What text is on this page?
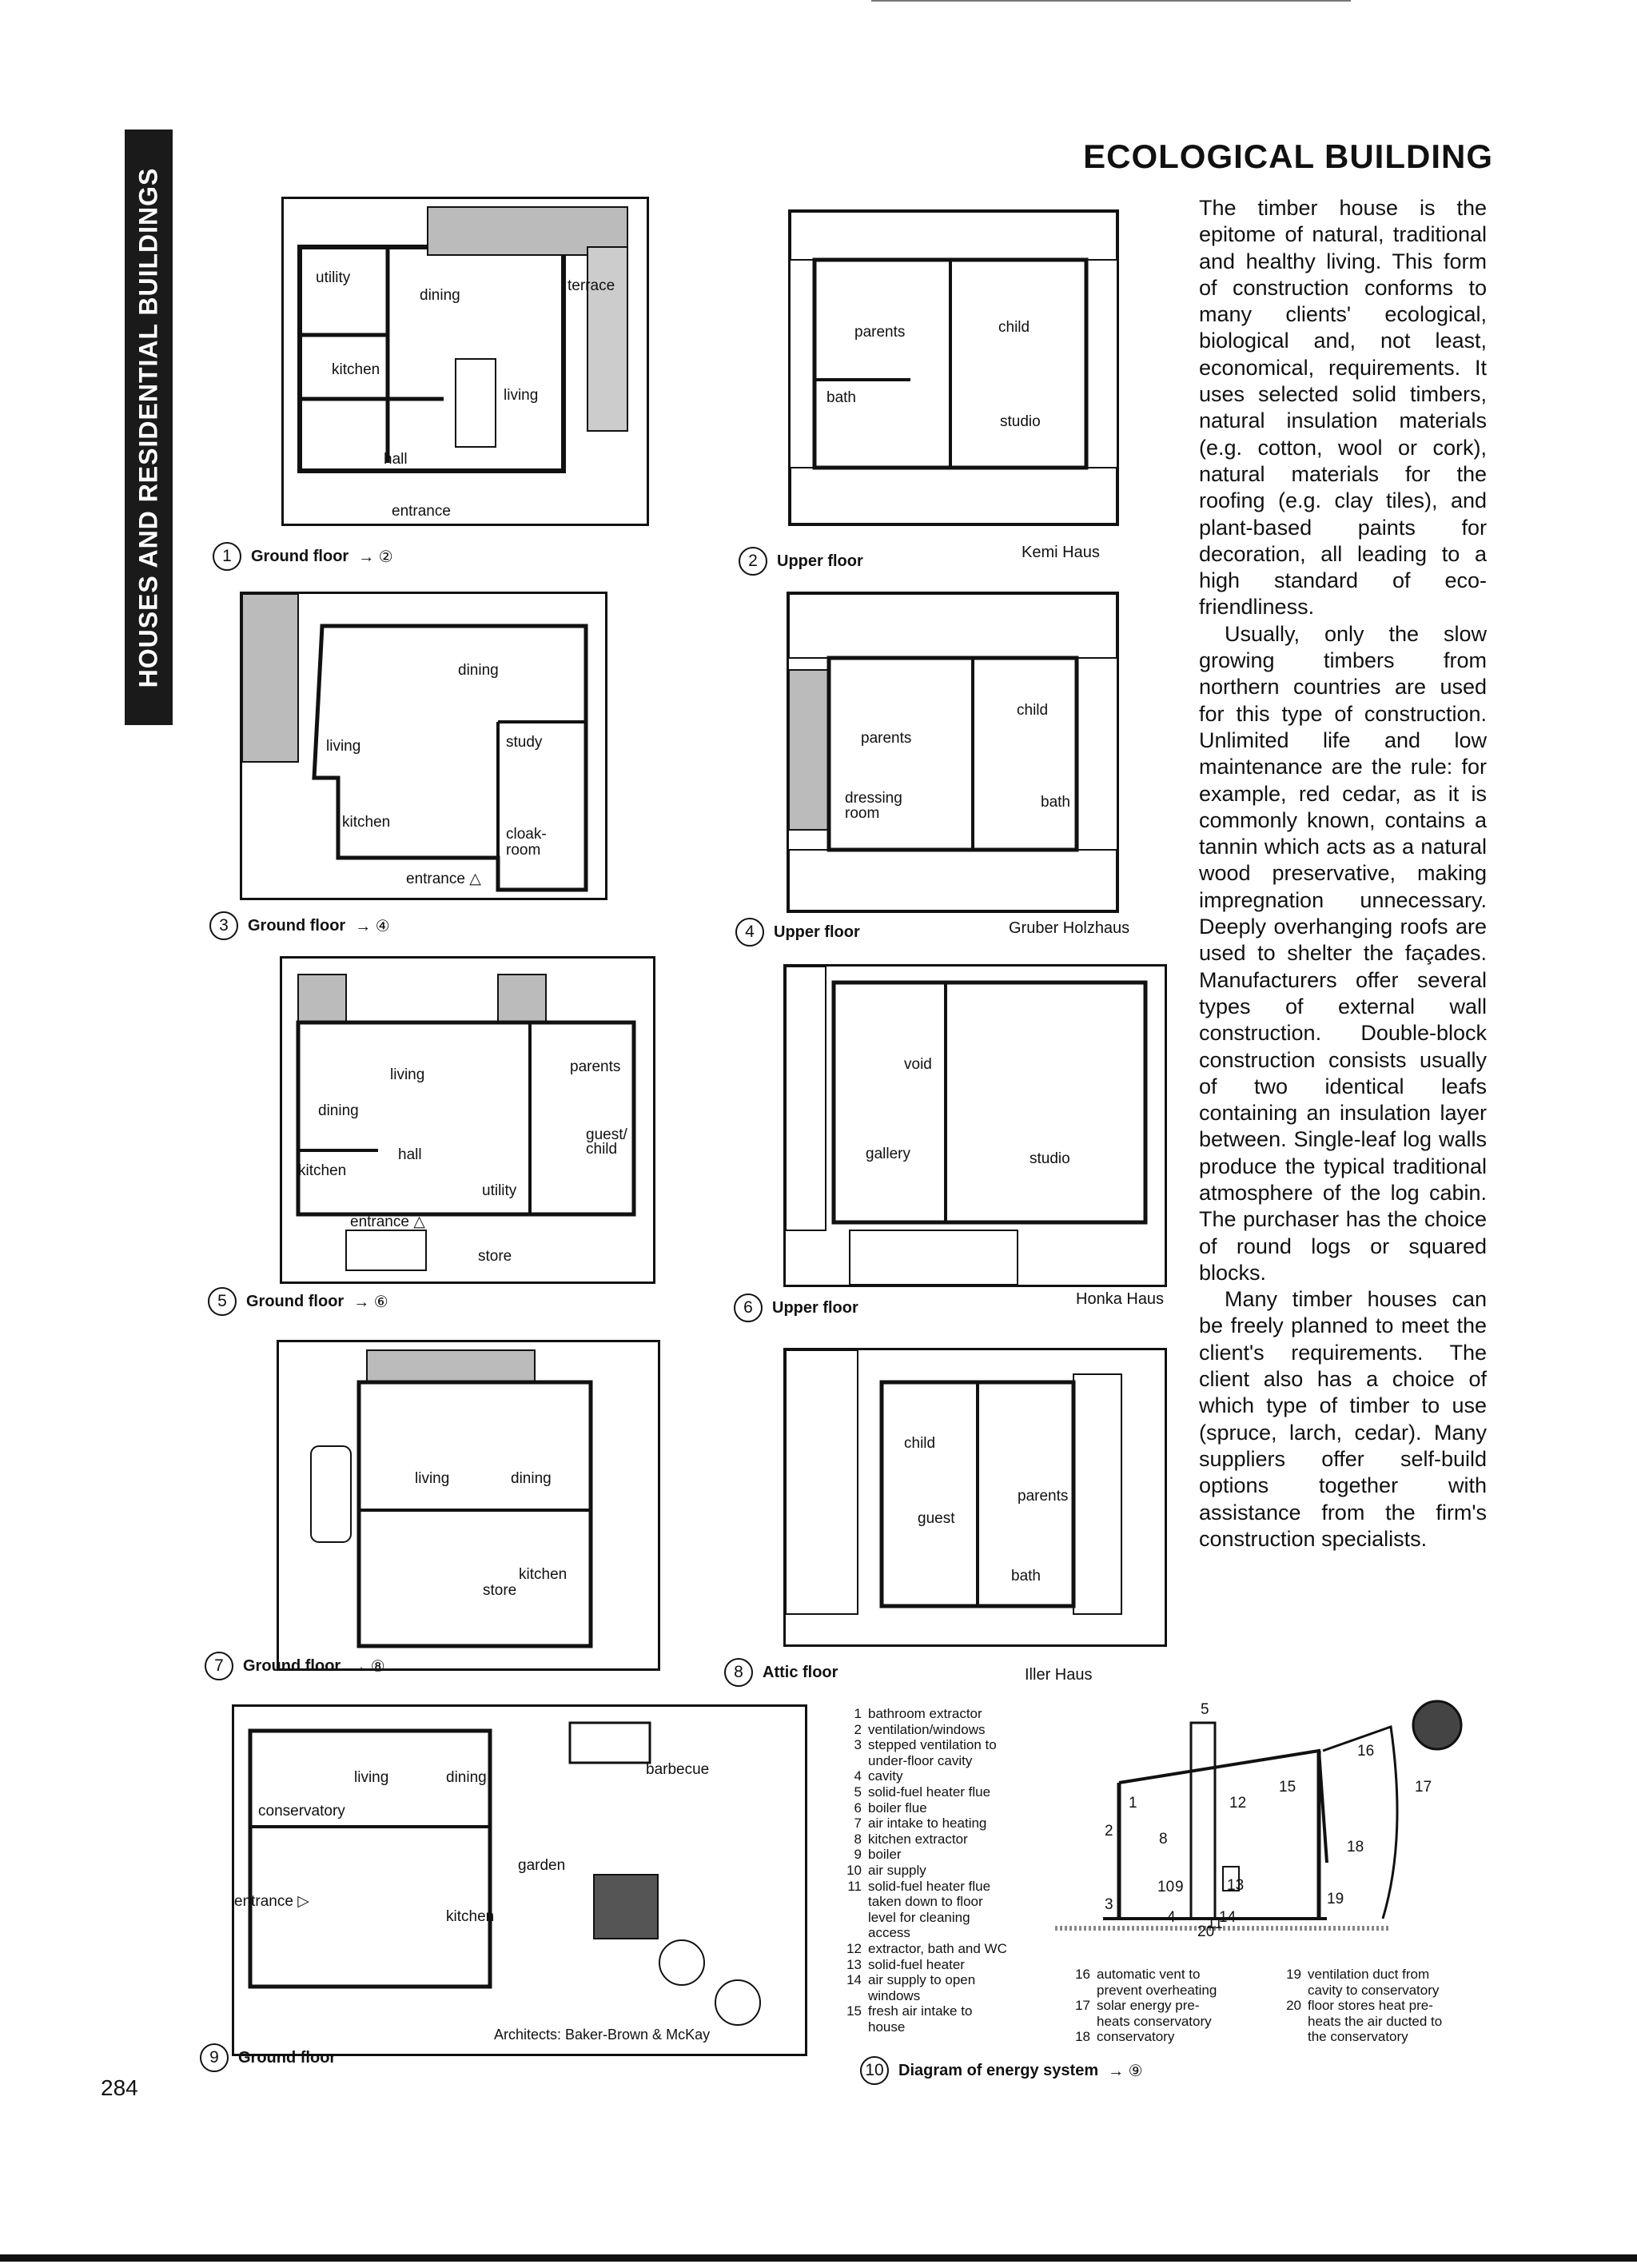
HOUSES AND RESIDENTIAL BUILDINGS
ECOLOGICAL BUILDING

The timber house is the epitome of natural, traditional and healthy living. This form of construction conforms to many clients' ecological, biological and, not least, economical, requirements. It uses selected solid timbers, natural insulation materials (e.g. cotton, wool or cork), natural materials for the roofing (e.g. clay tiles), and plant-based paints for decoration, all leading to a high standard of eco-friendliness.

Usually, only the slow growing timbers from northern countries are used for this type of construction. Unlimited life and low maintenance are the rule: for example, red cedar, as it is commonly known, contains a tannin which acts as a natural wood preservative, making impregnation unnecessary. Deeply overhanging roofs are used to shelter the façades. Manufacturers offer several types of external wall construction. Double-block construction consists usually of two identical leafs containing an insulation layer between. Single-leaf log walls produce the typical traditional atmosphere of the log cabin. The purchaser has the choice of round logs or squared blocks.

Many timber houses can be freely planned to meet the client's requirements. The client also has a choice of which type of timber to use (spruce, larch, cedar). Many suppliers offer self-build options together with assistance from the firm's construction specialists.

utility
dining
terrace
kitchen
living
hall
entrance
1	Ground floor → ②
parents	child
bath
studio
2	Upper floor	Kemi Haus
dining
living	study
kitchen
cloak-
room
entrance △
3	Ground floor → ④
parents
child
dressing
room
bath
4	Upper floor	Gruber Holzhaus
living
dining
parents
hall
guest/
child
kitchen
utility
entrance △
store
5	Ground floor → ⑥
void
gallery	studio
6	Upper floor	Honka Haus
living	dining
store
kitchen
7	Ground floor → ⑧
child
parents
guest
bath
8	Attic floor	Iller Haus
living	dining	barbecue
conservatory
garden
entrance ▷
kitchen
Architects: Baker-Brown & McKay
9	Ground floor
1 bathroom extractor
2 ventilation/windows
3 stepped ventilation to
under-floor cavity
4 cavity
5 solid-fuel heater flue
6 boiler flue
7 air intake to heating
8 kitchen extractor
9 boiler
10 air supply
11 solid-fuel heater flue
taken down to floor
level for cleaning
access
12 extractor, bath and WC
13 solid-fuel heater
14 air supply to open
windows
15 fresh air intake to
house
1
2
3
4
5
8
9
10
11
12
13
14
15
16
17
18
19
20
16 automatic vent to
prevent overheating
17 solar energy pre-
heats conservatory
18 conservatory
19 ventilation duct from
cavity to conservatory
20 floor stores heat pre-
heats the air ducted to
the conservatory
10 Diagram of energy system → ⑨
284
